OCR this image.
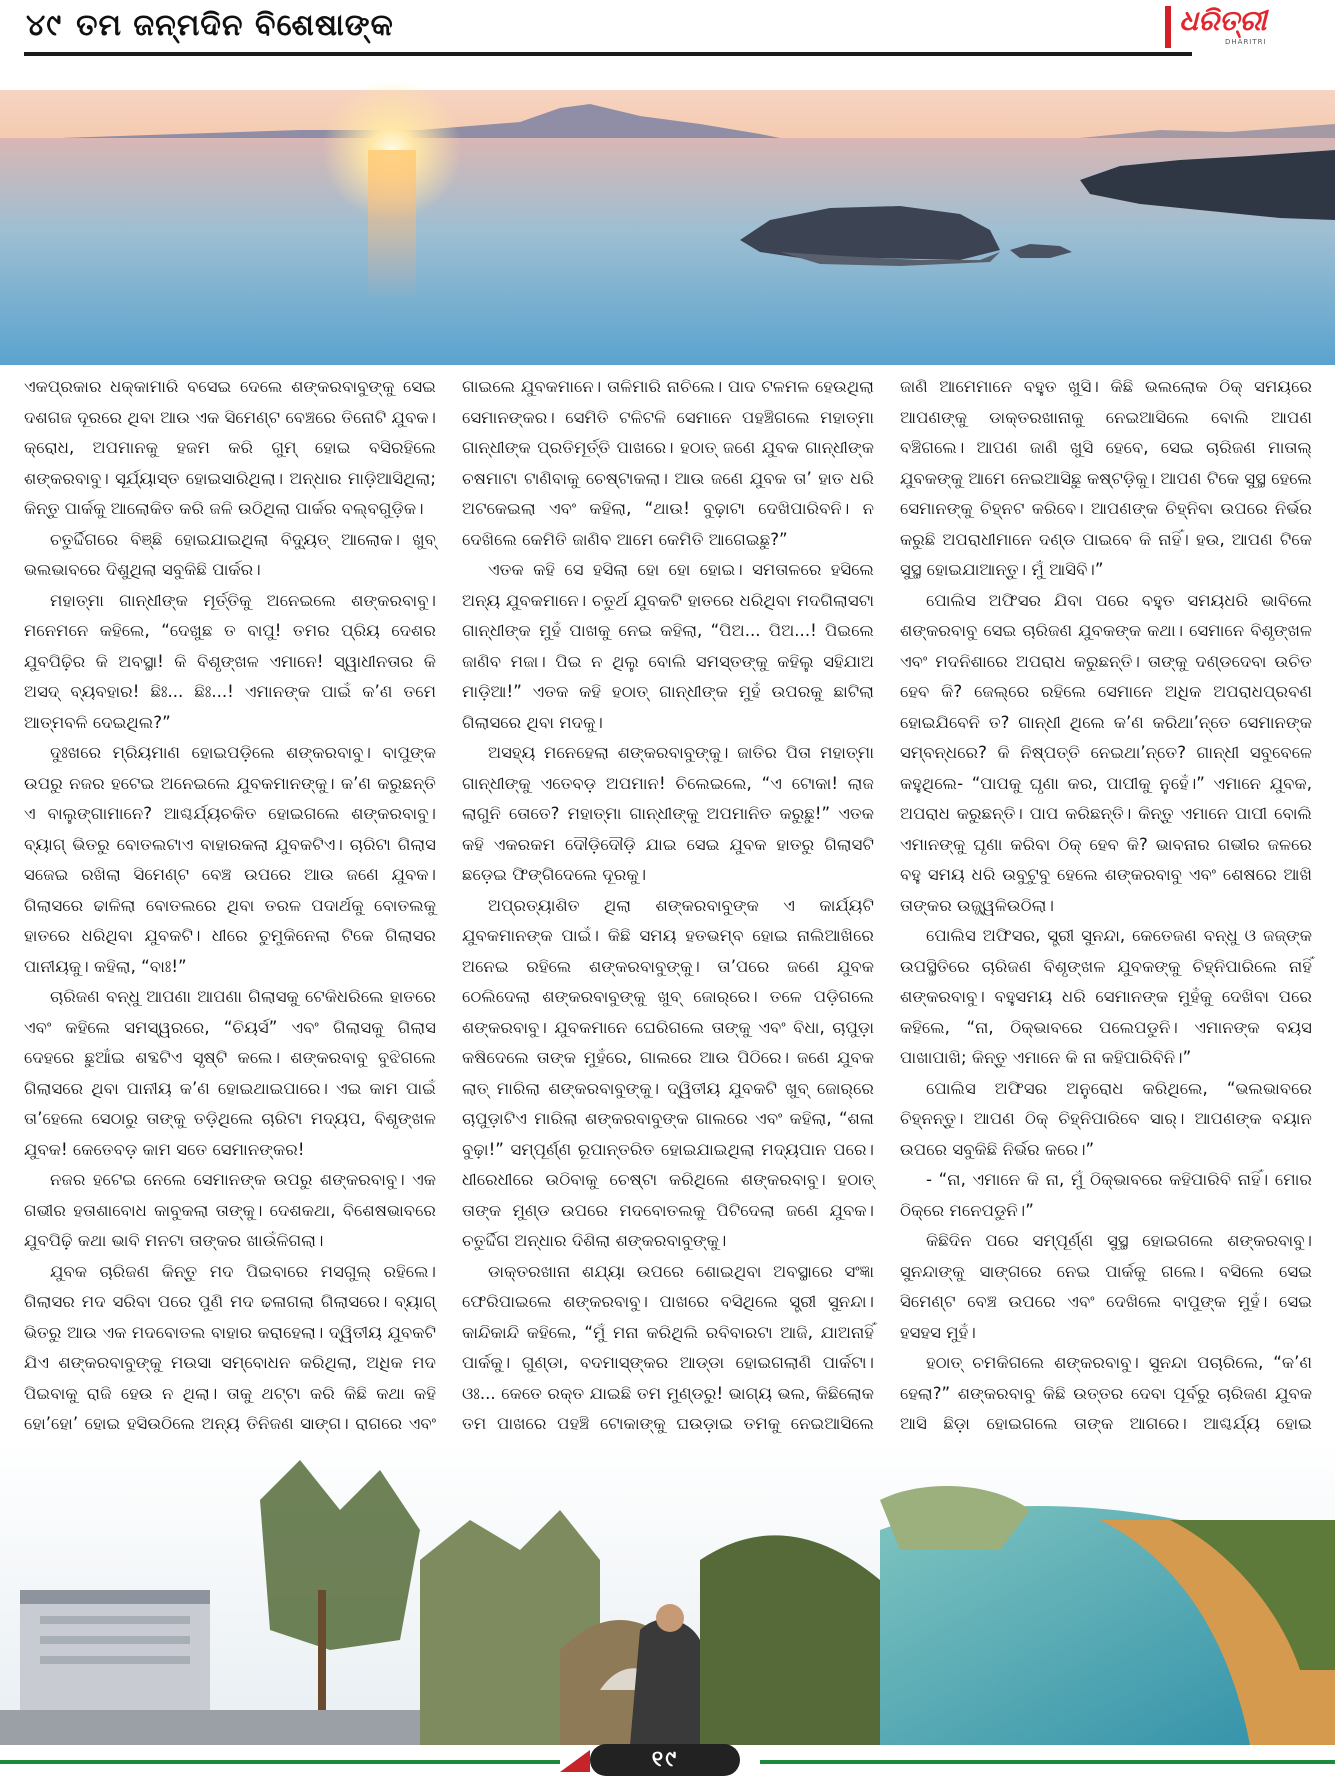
୪୯ ତମ ଜନ୍ମଦିନ ବିଶେଷାଙ୍କ	ଧରିତ୍ରୀ
DHARITRI

ଏକପ୍ରକାର ଧକ୍କାମାରି ବସେଇ ଦେଲେ ଶଙ୍କରବାବୁଙ୍କୁ ସେଇ ଦଶଗଜ ଦୂରରେ ଥିବା ଆଉ ଏକ ସିମେଣ୍ଟ ବେଞ୍ଚରେ ତିନୋଟି ଯୁବକ। କ୍ରୋଧ, ଅପମାନକୁ ହଜମ କରି ଗୁମ୍ ହୋଇ ବସିରହିଲେ ଶଙ୍କରବାବୁ। ସୂର୍ଯ୍ୟାସ୍ତ ହୋଇସାରିଥିଲା। ଅନ୍ଧାର ମାଡ଼ିଆସିଥିଲା; କିନ୍ତୁ ପାର୍କକୁ ଆଲୋକିତ କରି ଜଳି ଉଠିଥିଲା ପାର୍କର ବଲ୍‌ବଗୁଡ଼ିକ।

ଚତୁର୍ଦ୍ଦିଗରେ ବିଞ୍ଛି ହୋଇଯାଇଥିଲା ବିଦ୍ୟୁତ୍ ଆଲୋକ। ଖୁବ୍ ଭଲଭାବରେ ଦିଶୁଥିଲା ସବୁକିଛି ପାର୍କର।

ମହାତ୍ମା ଗାନ୍ଧୀଙ୍କ ମୂର୍ତ୍ତିକୁ ଅନେଇଲେ ଶଙ୍କରବାବୁ। ମନେମନେ କହିଲେ, “ଦେଖୁଛ ତ ବାପୁ! ତମର ପ୍ରିୟ ଦେଶର ଯୁବପିଢ଼ିର କି ଅବସ୍ଥା! କି ବିଶୃଙ୍ଖଳ ଏମାନେ! ସ୍ୱାଧୀନତାର କି ଅସଦ୍ ବ୍ୟବହାର! ଛିଃ... ଛିଃ...! ଏମାନଙ୍କ ପାଇଁ କ’ଣ ତମେ ଆତ୍ମବଳି ଦେଇଥିଲ?”

ଦୁଃଖରେ ମ୍ରିୟମାଣ ହୋଇପଡ଼ିଲେ ଶଙ୍କରବାବୁ। ବାପୁଙ୍କ ଉପରୁ ନଜର ହଟେଇ ଅନେଇଲେ ଯୁବକମାନଙ୍କୁ। କ’ଣ କରୁଛନ୍ତି ଏ ବାଲୁଙ୍ଗାମାନେ? ଆଶ୍ଚର୍ଯ୍ୟଚକିତ ହୋଇଗଲେ ଶଙ୍କରବାବୁ। ବ୍ୟାଗ୍ ଭିତରୁ ବୋତଲଟାଏ ବାହାରକଲା ଯୁବକଟିଏ। ଚାରିଟା ଗିଲାସ ସଜେଇ ରଖିଲା ସିମେଣ୍ଟ ବେଞ୍ଚ ଉପରେ ଆଉ ଜଣେ ଯୁବକ। ଗିଲାସରେ ଢାଳିଲା ବୋତଲରେ ଥିବା ତରଳ ପଦାର୍ଥକୁ ବୋତଲକୁ ହାତରେ ଧରିଥିବା ଯୁବକଟି। ଧୀରେ ଚୁମୁକିନେଲା ଟିକେ ଗିଲାସର ପାନୀୟକୁ। କହିଲା, “ବାଃ!”

ଚାରିଜଣ ବନ୍ଧୁ ଆପଣା ଆପଣା ଗିଲାସକୁ ଟେକିଧରିଲେ ହାତରେ ଏବଂ କହିଲେ ସମସ୍ୱରରେ, “ଚିୟର୍ସ” ଏବଂ ଗିଲାସକୁ ଗିଲାସ ଦେହରେ ଛୁଆଁଇ ଶବ୍ଦଟିଏ ସୃଷ୍ଟି କଲେ। ଶଙ୍କରବାବୁ ବୁଝିଗଲେ ଗିଲାସରେ ଥିବା ପାନୀୟ କ’ଣ ହୋଇଥାଇପାରେ। ଏଇ କାମ ପାଇଁ ତା’ହେଲେ ସେଠାରୁ ତାଙ୍କୁ ତଡ଼ିଥିଲେ ଚାରିଟା ମଦ୍ୟପ, ବିଶୃଙ୍ଖଳ ଯୁବକ! କେତେବଡ଼ କାମ ସତେ ସେମାନଙ୍କର!

ନଜର ହଟେଇ ନେଲେ ସେମାନଙ୍କ ଉପରୁ ଶଙ୍କରବାବୁ। ଏକ ଗଭୀର ହତାଶାବୋଧ କାବୁକଲା ତାଙ୍କୁ। ଦେଶକଥା, ବିଶେଷଭାବରେ ଯୁବପିଢ଼ି କଥା ଭାବି ମନଟା ତାଙ୍କର ଖାଉଁଳିଗଲା।

ଯୁବକ ଚାରିଜଣ କିନ୍ତୁ ମଦ ପିଇବାରେ ମସଗୁଲ୍ ରହିଲେ। ଗିଲାସର ମଦ ସରିବା ପରେ ପୁଣି ମଦ ଢଳାଗଲା ଗିଲାସରେ। ବ୍ୟାଗ୍ ଭିତରୁ ଆଉ ଏକ ମଦବୋତଲ ବାହାର କରାହେଲା। ଦ୍ୱିତୀୟ ଯୁବକଟି ଯିଏ ଶଙ୍କରବାବୁଙ୍କୁ ମଉସା ସମ୍ବୋଧନ କରିଥିଲା, ଅଧିକ ମଦ ପିଇବାକୁ ରାଜି ହେଉ ନ ଥିଲା। ତାକୁ ଥଟ୍ଟା କରି କିଛି କଥା କହି ହୋ’ହୋ’ ହୋଇ ହସିଉଠିଲେ ଅନ୍ୟ ତିନିଜଣ ସାଙ୍ଗ। ରାଗରେ ଏବଂ

ଗାଇଲେ ଯୁବକମାନେ। ତାଳିମାରି ନାଚିଲେ। ପାଦ ଟଳମଳ ହେଉଥିଲା ସେମାନଙ୍କର। ସେମିତି ଟଳିଟଳି ସେମାନେ ପହଞ୍ଚିଗଲେ ମହାତ୍ମା ଗାନ୍ଧୀଙ୍କ ପ୍ରତିମୂର୍ତ୍ତି ପାଖରେ। ହଠାତ୍ ଜଣେ ଯୁବକ ଗାନ୍ଧୀଙ୍କ ଚଷମାଟା ଟାଣିବାକୁ ଚେଷ୍ଟାକଲା। ଆଉ ଜଣେ ଯୁବକ ତା’ ହାତ ଧରି ଅଟକେଇଲା ଏବଂ କହିଲା, “ଥାଉ! ବୁଢ଼ାଟା ଦେଖିପାରିବନି। ନ ଦେଖିଲେ କେମିତି ଜାଣିବ ଆମେ କେମିତି ଆଗେଇଛୁ?”

ଏତକ କହି ସେ ହସିଲା ହୋ ହୋ ହୋଇ। ସମତାଳରେ ହସିଲେ ଅନ୍ୟ ଯୁବକମାନେ। ଚତୁର୍ଥ ଯୁବକଟି ହାତରେ ଧରିଥିବା ମଦଗିଲାସଟା ଗାନ୍ଧୀଙ୍କ ମୁହଁ ପାଖକୁ ନେଇ କହିଲା, “ପିଅ... ପିଅ...! ପିଇଲେ ଜାଣିବ ମଜା। ପିଇ ନ ଥିଲୁ ବୋଲି ସମସ୍ତଙ୍କୁ କହିଲୁ ସହିଯାଅ ମାଡ଼ିଆ!” ଏତକ କହି ହଠାତ୍ ଗାନ୍ଧୀଙ୍କ ମୁହଁ ଉପରକୁ ଛାଟିଲା ଗିଲାସରେ ଥିବା ମଦକୁ।

ଅସହ୍ୟ ମନେହେଲା ଶଙ୍କରବାବୁଙ୍କୁ। ଜାତିର ପିତା ମହାତ୍ମା ଗାନ୍ଧୀଙ୍କୁ ଏତେବଡ଼ ଅପମାନ! ଚିଲେଇଲେ, “ଏ ଟୋକା! ଲାଜ ଲାଗୁନି ତୋତେ? ମହାତ୍ମା ଗାନ୍ଧୀଙ୍କୁ ଅପମାନିତ କରୁଛୁ!” ଏତକ କହି ଏକରକମ ଦୌଡ଼ିଦୌଡ଼ି ଯାଇ ସେଇ ଯୁବକ ହାତରୁ ଗିଲାସଟି ଛଡ଼େଇ ଫିଙ୍ଗିଦେଲେ ଦୂରକୁ।

ଅପ୍ରତ୍ୟାଶିତ ଥିଲା ଶଙ୍କରବାବୁଙ୍କ ଏ କାର୍ଯ୍ୟଟି ଯୁବକମାନଙ୍କ ପାଇଁ। କିଛି ସମୟ ହତଭମ୍ବ ହୋଇ ନାଲିଆଖିରେ ଅନେଇ ରହିଲେ ଶଙ୍କରବାବୁଙ୍କୁ। ତା’ପରେ ଜଣେ ଯୁବକ ଠେଲିଦେଲା ଶଙ୍କରବାବୁଙ୍କୁ ଖୁବ୍ ଜୋର୍‌ରେ। ତଳେ ପଡ଼ିଗଲେ ଶଙ୍କରବାବୁ। ଯୁବକମାନେ ଘେରିଗଲେ ତାଙ୍କୁ ଏବଂ ବିଧା, ଚାପୁଡ଼ା କଷିଦେଲେ ତାଙ୍କ ମୁହଁରେ, ଗାଲରେ ଆଉ ପିଠିରେ। ଜଣେ ଯୁବକ ଲାତ୍ ମାରିଲା ଶଙ୍କରବାବୁଙ୍କୁ। ଦ୍ୱିତୀୟ ଯୁବକଟି ଖୁବ୍ ଜୋର୍‌ରେ ଚାପୁଡ଼ାଟିଏ ମାରିଲା ଶଙ୍କରବାବୁଙ୍କ ଗାଲରେ ଏବଂ କହିଲା, “ଶଳା ବୁଢ଼ା!” ସମ୍ପୂର୍ଣ୍ଣ ରୂପାନ୍ତରିତ ହୋଇଯାଇଥିଲା ମଦ୍ୟପାନ ପରେ। ଧୀରେଧୀରେ ଉଠିବାକୁ ଚେଷ୍ଟା କରିଥିଲେ ଶଙ୍କରବାବୁ। ହଠାତ୍ ତାଙ୍କ ମୁଣ୍ଡ ଉପରେ ମଦବୋତଲକୁ ପିଟିଦେଲା ଜଣେ ଯୁବକ। ଚତୁର୍ଦ୍ଦିଗ ଅନ୍ଧାର ଦିଶିଲା ଶଙ୍କରବାବୁଙ୍କୁ।

ଡାକ୍ତରଖାନା ଶଯ୍ୟା ଉପରେ ଶୋଇଥିବା ଅବସ୍ଥାରେ ସଂଜ୍ଞା ଫେରିପାଇଲେ ଶଙ୍କରବାବୁ। ପାଖରେ ବସିଥିଲେ ସ୍ତ୍ରୀ ସୁନନ୍ଦା। କାନ୍ଦିକାନ୍ଦି କହିଲେ, “ମୁଁ ମନା କରିଥିଲି ରବିବାରଟା ଆଜି, ଯାଅନାହିଁ ପାର୍କକୁ। ଗୁଣ୍ଡା, ବଦମାସ୍‌ଙ୍କର ଆଡ୍ଡା ହୋଇଗଲାଣି ପାର୍କଟା। ଓଃ... କେତେ ରକ୍ତ ଯାଇଛି ତମ ମୁଣ୍ଡରୁ! ଭାଗ୍ୟ ଭଲ, କିଛିଲୋକ ତମ ପାଖରେ ପହଞ୍ଚି ଟୋକାଙ୍କୁ ଘଉଡ଼ାଇ ତମକୁ ନେଇଆସିଲେ

ଜାଣି ଆମେମାନେ ବହୁତ ଖୁସି। କିଛି ଭଲଲୋକ ଠିକ୍ ସମୟରେ ଆପଣଙ୍କୁ ଡାକ୍ତରଖାନାକୁ ନେଇଆସିଲେ ବୋଲି ଆପଣ ବଞ୍ଚିଗଲେ। ଆପଣ ଜାଣି ଖୁସି ହେବେ, ସେଇ ଚାରିଜଣ ମାତାଲ୍ ଯୁବକଙ୍କୁ ଆମେ ନେଇଆସିଛୁ କଷ୍ଟଡ଼ିକୁ। ଆପଣ ଟିକେ ସୁସ୍ଥ ହେଲେ ସେମାନଙ୍କୁ ଚିହ୍ନଟ କରିବେ। ଆପଣଙ୍କ ଚିହ୍ନିବା ଉପରେ ନିର୍ଭର କରୁଛି ଅପରାଧୀମାନେ ଦଣ୍ଡ ପାଇବେ କି ନାହିଁ। ହଉ, ଆପଣ ଟିକେ ସୁସ୍ଥ ହୋଇଯାଆନ୍ତୁ। ମୁଁ ଆସିବି।”

ପୋଲିସ ଅଫିସର ଯିବା ପରେ ବହୁତ ସମୟଧରି ଭାବିଲେ ଶଙ୍କରବାବୁ ସେଇ ଚାରିଜଣ ଯୁବକଙ୍କ କଥା। ସେମାନେ ବିଶୃଙ୍ଖଳ ଏବଂ ମଦନିଶାରେ ଅପରାଧ କରୁଛନ୍ତି। ତାଙ୍କୁ ଦଣ୍ଡଦେବା ଉଚିତ ହେବ କି? ଜେଲ୍‌ରେ ରହିଲେ ସେମାନେ ଅଧିକ ଅପରାଧପ୍ରବଣ ହୋଇଯିବେନି ତ? ଗାନ୍ଧୀ ଥିଲେ କ’ଣ କରିଥା’ନ୍ତେ ସେମାନଙ୍କ ସମ୍ବନ୍ଧରେ? କି ନିଷ୍ପତ୍ତି ନେଇଥା’ନ୍ତେ? ଗାନ୍ଧୀ ସବୁବେଳେ କହୁଥିଲେ- “ପାପକୁ ଘୃଣା କର, ପାପୀକୁ ନୁହେଁ।” ଏମାନେ ଯୁବକ, ଅପରାଧ କରୁଛନ୍ତି। ପାପ କରିଛନ୍ତି। କିନ୍ତୁ ଏମାନେ ପାପୀ ବୋଲି ଏମାନଙ୍କୁ ଘୃଣା କରିବା ଠିକ୍ ହେବ କି? ଭାବନାର ଗଭୀର ଜଳରେ ବହୁ ସମୟ ଧରି ଉବୁଟୁବୁ ହେଲେ ଶଙ୍କରବାବୁ ଏବଂ ଶେଷରେ ଆଖି ତାଙ୍କର ଉଜ୍ଜ୍ୱଳିଉଠିଲା।

ପୋଲିସ ଅଫିସର, ସ୍ତ୍ରୀ ସୁନନ୍ଦା, କେତେଜଣ ବନ୍ଧୁ ଓ ଜଜ୍‌ଙ୍କ ଉପସ୍ଥିତିରେ ଚାରିଜଣ ବିଶୃଙ୍ଖଳ ଯୁବକଙ୍କୁ ଚିହ୍ନିପାରିଲେ ନାହିଁ ଶଙ୍କରବାବୁ। ବହୁସମୟ ଧରି ସେମାନଙ୍କ ମୁହଁକୁ ଦେଖିବା ପରେ କହିଲେ, “ନା, ଠିକ୍‌ଭାବରେ ପଲେପଡୁନି। ଏମାନଙ୍କ ବୟସ ପାଖାପାଖି; କିନ୍ତୁ ଏମାନେ କି ନା କହିପାରିବିନି।”

ପୋଲିସ ଅଫିସର ଅନୁରୋଧ କରିଥିଲେ, “ଭଲଭାବରେ ଚିହ୍ନନ୍ତୁ। ଆପଣ ଠିକ୍ ଚିହ୍ନିପାରିବେ ସାର୍। ଆପଣଙ୍କ ବୟାନ ଉପରେ ସବୁକିଛି ନିର୍ଭର କରେ।”

- “ନା, ଏମାନେ କି ନା, ମୁଁ ଠିକ୍‌ଭାବରେ କହିପାରିବି ନାହିଁ। ମୋର ଠିକ୍‌ରେ ମନେପଡୁନି।”

କିଛିଦିନ ପରେ ସମ୍ପୂର୍ଣ୍ଣ ସୁସ୍ଥ ହୋଇଗଲେ ଶଙ୍କରବାବୁ। ସୁନନ୍ଦାଙ୍କୁ ସାଙ୍ଗରେ ନେଇ ପାର୍କକୁ ଗଲେ। ବସିଲେ ସେଇ ସିମେଣ୍ଟ ବେଞ୍ଚ ଉପରେ ଏବଂ ଦେଖିଲେ ବାପୁଙ୍କ ମୁହଁ। ସେଇ ହସହସ ମୁହଁ।

ହଠାତ୍ ଚମକିଗଲେ ଶଙ୍କରବାବୁ। ସୁନନ୍ଦା ପଚାରିଲେ, “କ’ଣ ହେଲା?” ଶଙ୍କରବାବୁ କିଛି ଉତ୍ତର ଦେବା ପୂର୍ବରୁ ଚାରିଜଣ ଯୁବକ ଆସି ଛିଡ଼ା ହୋଇଗଲେ ତାଙ୍କ ଆଗରେ। ଆଶ୍ଚର୍ଯ୍ୟ ହୋଇ

୧୯
